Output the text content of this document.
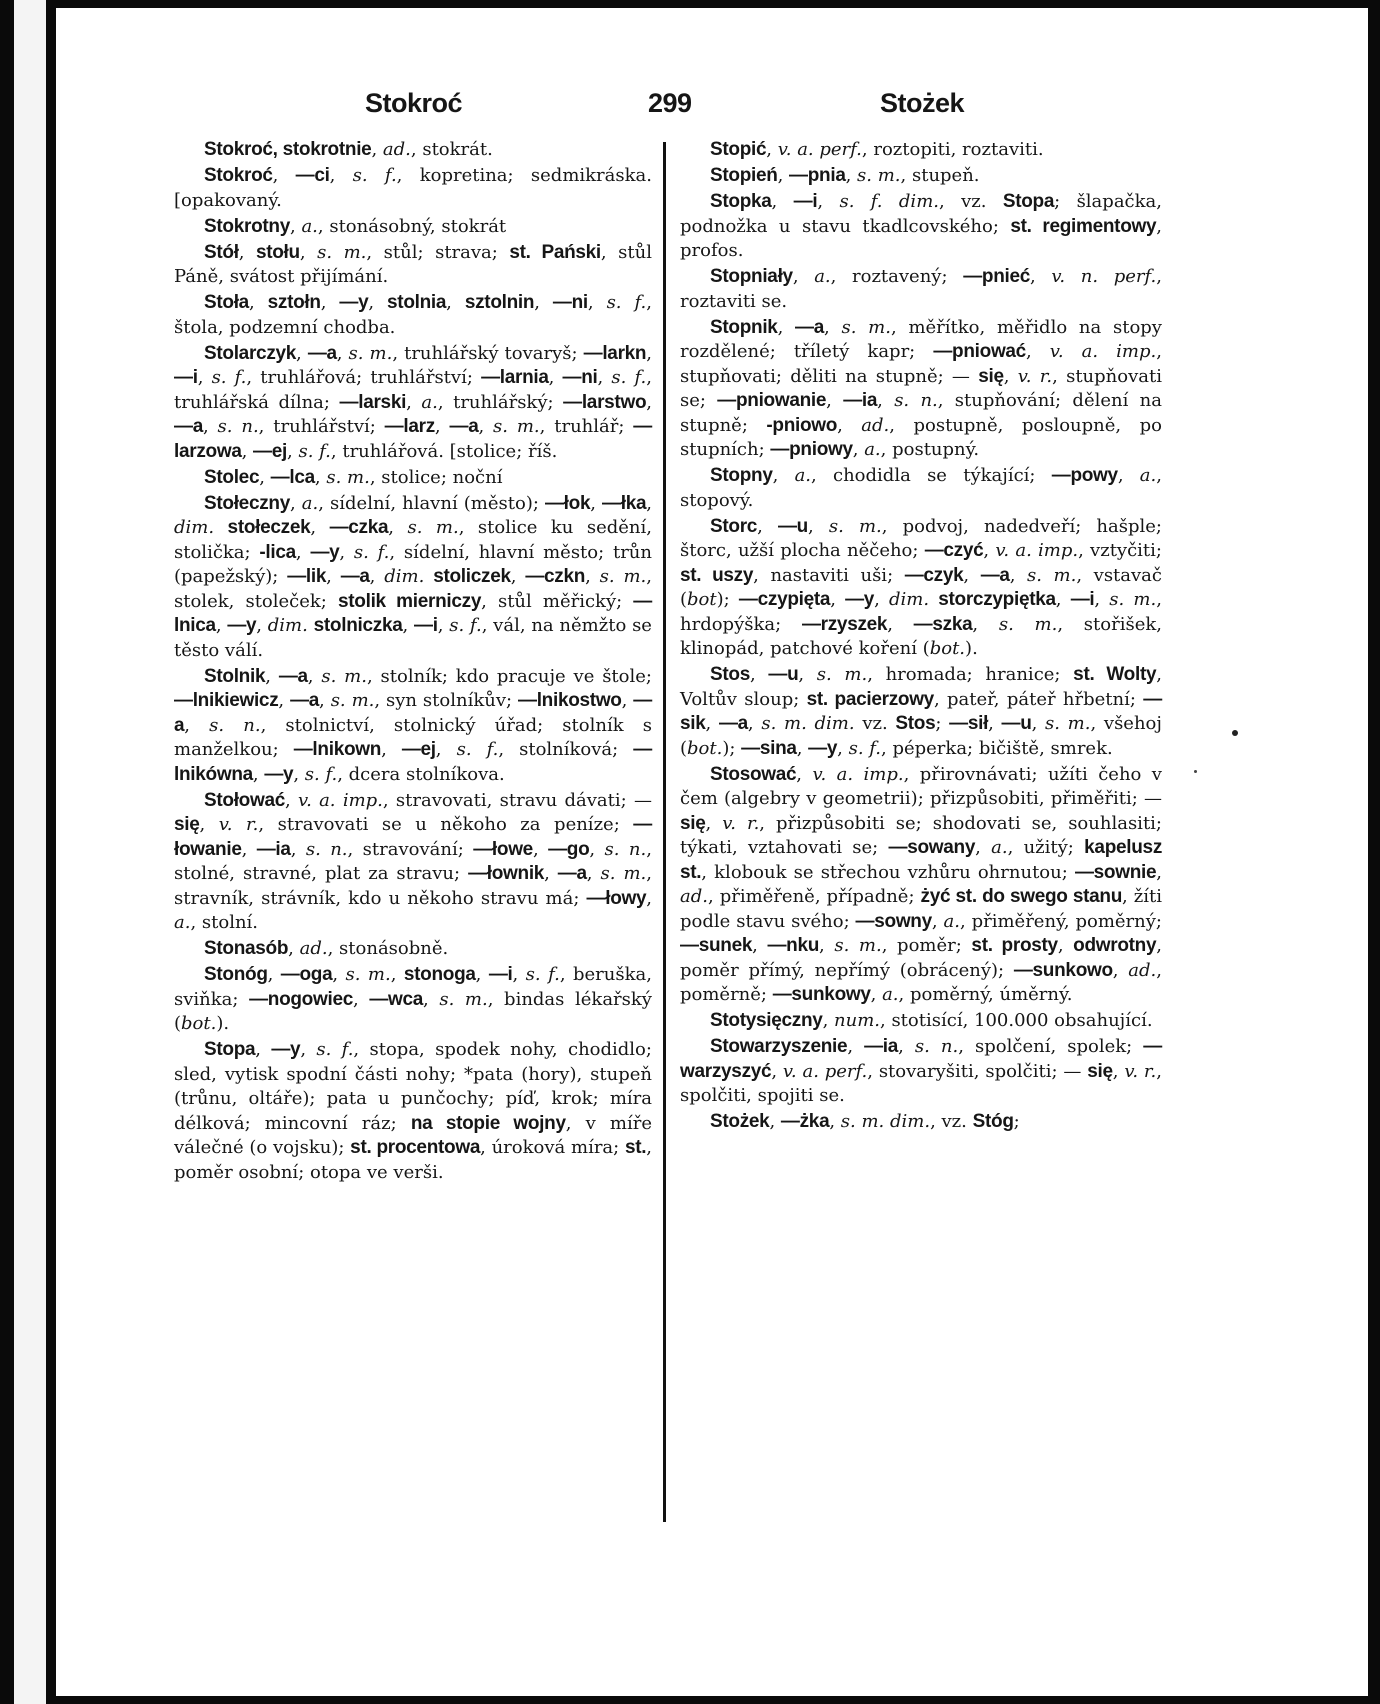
Stokroć	299	Stożek

Stokroć, stokrotnie, ad., stokrát.

Stokroć, —ci, s. f., kopretina; sedmikráska. [opakovaný.

Stokrotny, a., stonásobný, stokrát

Stół, stołu, s. m., stůl; strava; st. Pański, stůl Páně, svátost přijímání.

Stoła, sztołn, —y, stolnia, sztolnin, —ni, s. f., štola, podzemní chodba.

Stolarczyk, —a, s. m., truhlářský tovaryš; —larkn, —i, s. f., truhlářová; truhlářství; —larnia, —ni, s. f., truhlářská dílna; —larski, a., truhlářský; —larstwo, —a, s. n., truhlářství; —larz, —a, s. m., truhlář; —larzowa, —ej, s. f., truhlářová. [stolice; říš.

Stolec, —lca, s. m., stolice; noční

Stołeczny, a., sídelní, hlavní (město); —łok, —łka, dim. stołeczek, —czka, s. m., stolice ku sedění, stolička; -lica, —y, s. f., sídelní, hlavní město; trůn (papežský); —lik, —a, dim. stoliczek, —czkn, s. m., stolek, stoleček; stolik mierniczy, stůl měřický; —lnica, —y, dim. stolniczka, —i, s. f., vál, na němžto se těsto válí.

Stolnik, —a, s. m., stolník; kdo pracuje ve štole; —lnikiewicz, —a, s. m., syn stolníkův; —lnikostwo, —a, s. n., stolnictví, stolnický úřad; stolník s manželkou; —lnikown, —ej, s. f., stolníková; —lnikówna, —y, s. f., dcera stolníkova.

Stołować, v. a. imp., stravovati, stravu dávati; — się, v. r., stravovati se u někoho za peníze; —łowanie, —ia, s. n., stravování; —łowe, —go, s. n., stolné, stravné, plat za stravu; —łownik, —a, s. m., stravník, strávník, kdo u někoho stravu má; —łowy, a., stolní.

Stonasób, ad., stonásobně.

Stonóg, —oga, s. m., stonoga, —i, s. f., beruška, sviňka; —nogowiec, —wca, s. m., bindas lékařský (bot.).

Stopa, —y, s. f., stopa, spodek nohy, chodidlo; sled, vytisk spodní části nohy; *pata (hory), stupeň (trůnu, oltáře); pata u punčochy; píď, krok; míra délková; mincovní ráz; na stopie wojny, v míře válečné (o vojsku); st. procentowa, úroková míra; st., poměr osobní; otopa ve verši.

Stopić, v. a. perf., roztopiti, roztaviti.

Stopień, —pnia, s. m., stupeň.

Stopka, —i, s. f. dim., vz. Stopa; šlapačka, podnožka u stavu tkadlcovského; st. regimentowy, profos.

Stopniały, a., roztavený; —pnieć, v. n. perf., roztaviti se.

Stopnik, —a, s. m., měřítko, měřidlo na stopy rozdělené; tříletý kapr; —pniować, v. a. imp., stupňovati; děliti na stupně; — się, v. r., stupňovati se; —pniowanie, —ia, s. n., stupňování; dělení na stupně; -pniowo, ad., postupně, posloupně, po stupních; —pniowy, a., postupný.

Stopny, a., chodidla se týkající; —powy, a., stopový.

Storc, —u, s. m., podvoj, nadedveří; hašple; štorc, užší plocha něčeho; —czyć, v. a. imp., vztyčiti; st. uszy, nastaviti uši; —czyk, —a, s. m., vstavač (bot); —czypięta, —y, dim. storczypiętka, —i, s. m., hrdopýška; —rzyszek, —szka, s. m., stořišek, klinopád, patchové koření (bot.).

Stos, —u, s. m., hromada; hranice; st. Wolty, Voltův sloup; st. pacierzowy, pateř, páteř hřbetní; —sik, —a, s. m. dim. vz. Stos; —sił, —u, s. m., všehoj (bot.); —sina, —y, s. f., péperka; bičiště, smrek.

Stosować, v. a. imp., přirovnávati; užíti čeho v čem (algebry v geometrii); přizpůsobiti, přiměřiti; — się, v. r., přizpůsobiti se; shodovati se, souhlasiti; týkati, vztahovati se; —sowany, a., užitý; kapelusz st., klobouk se střechou vzhůru ohrnutou; —sownie, ad., přiměřeně, případně; żyć st. do swego stanu, žíti podle stavu svého; —sowny, a., přiměřený, poměrný; —sunek, —nku, s. m., poměr; st. prosty, odwrotny, poměr přímý, nepřímý (obrácený); —sunkowo, ad., poměrně; —sunkowy, a., poměrný, úměrný.

Stotysięczny, num., stotisící, 100.000 obsahující.

Stowarzyszenie, —ia, s. n., spolčení, spolek; —warzyszyć, v. a. perf., stovaryšiti, spolčiti; — się, v. r., spolčiti, spojiti se.

Stożek, —żka, s. m. dim., vz. Stóg;
